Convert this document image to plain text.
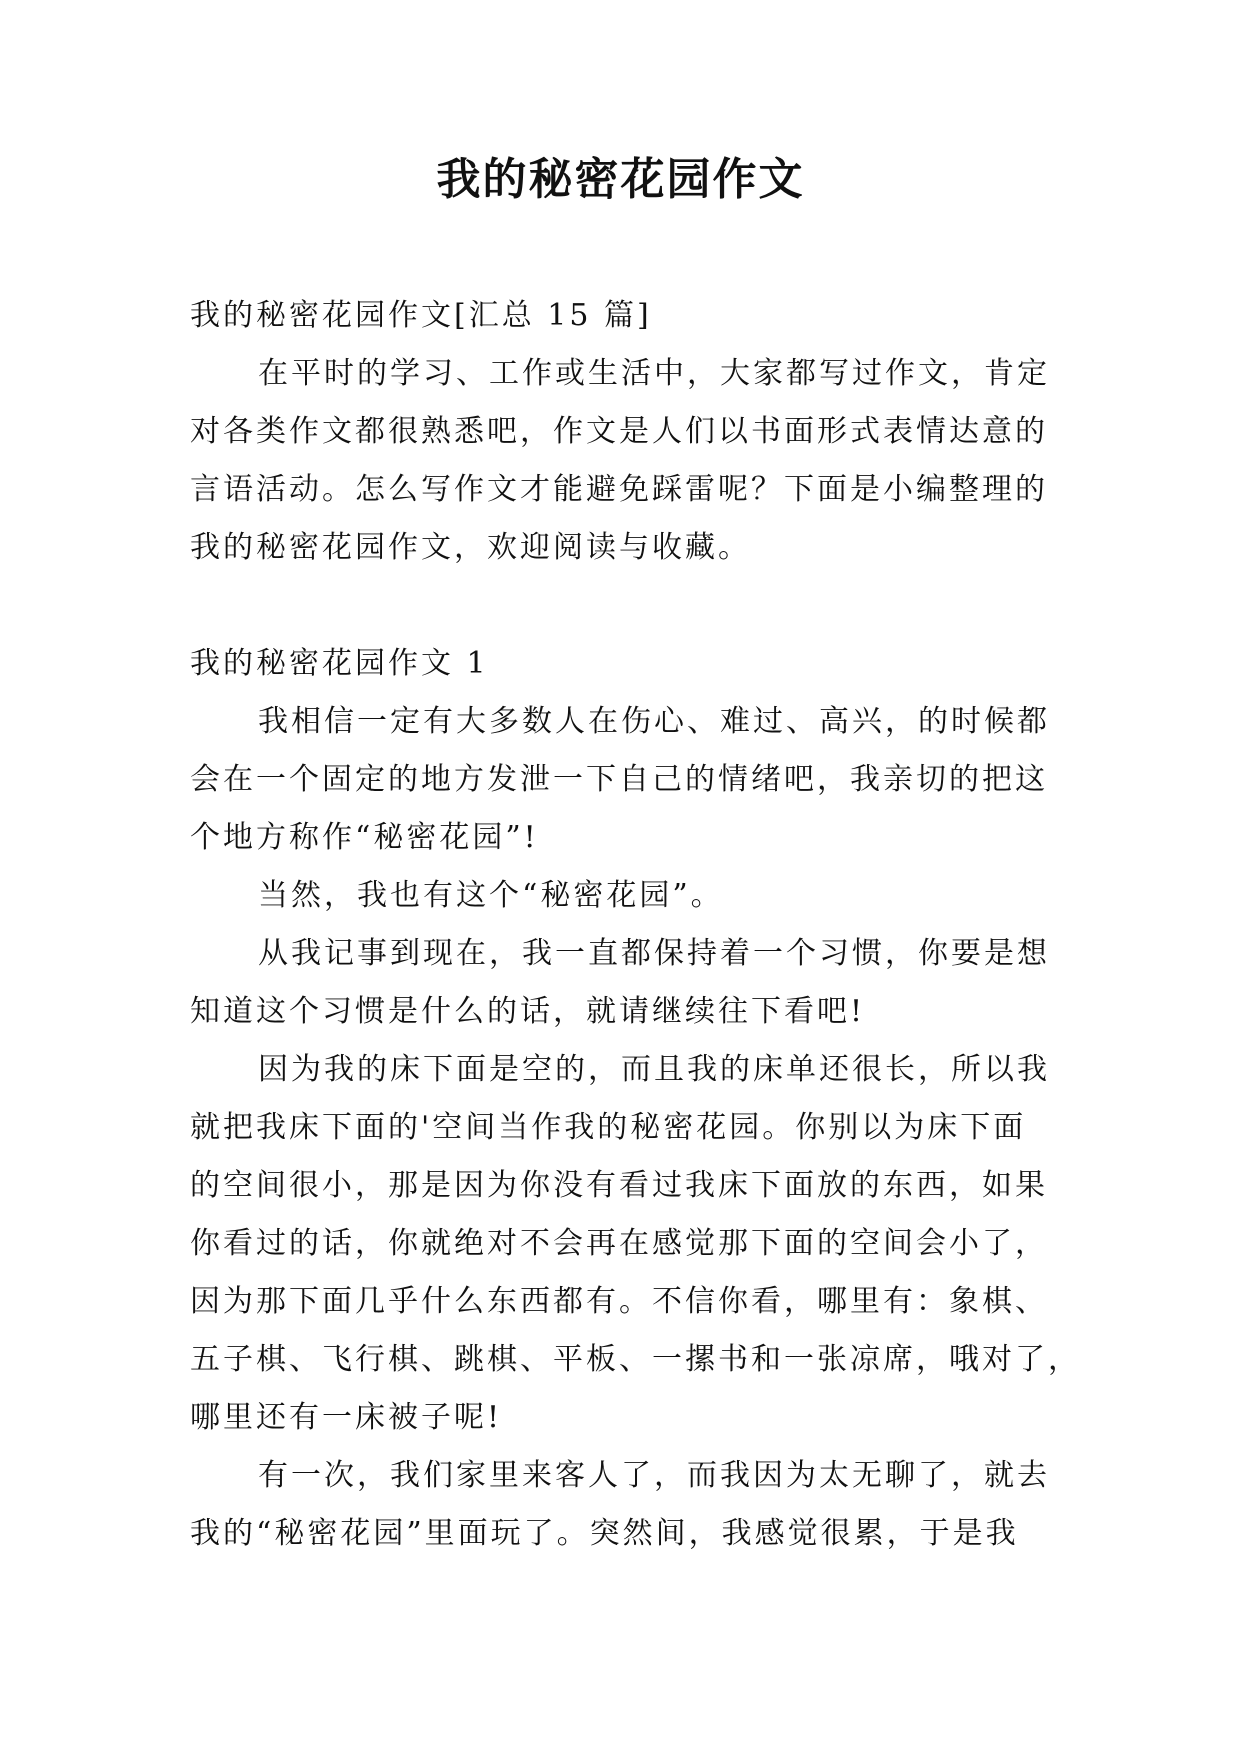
我的秘密花园作文
我的秘密花园作文[汇总 15 篇]
在平时的学习、工作或生活中，大家都写过作文，肯定
对各类作文都很熟悉吧，作文是人们以书面形式表情达意的
言语活动。怎么写作文才能避免踩雷呢？下面是小编整理的
我的秘密花园作文，欢迎阅读与收藏。
我的秘密花园作文 1
我相信一定有大多数人在伤心、难过、高兴，的时候都
会在一个固定的地方发泄一下自己的情绪吧，我亲切的把这
个地方称作“秘密花园”!
当然，我也有这个“秘密花园”。
从我记事到现在，我一直都保持着一个习惯，你要是想
知道这个习惯是什么的话，就请继续往下看吧!
因为我的床下面是空的，而且我的床单还很长，所以我
就把我床下面的'空间当作我的秘密花园。你别以为床下面
的空间很小，那是因为你没有看过我床下面放的东西，如果
你看过的话，你就绝对不会再在感觉那下面的空间会小了，
因为那下面几乎什么东西都有。不信你看，哪里有：象棋、
五子棋、飞行棋、跳棋、平板、一摞书和一张凉席，哦对了，
哪里还有一床被子呢!
有一次，我们家里来客人了，而我因为太无聊了，就去
我的“秘密花园”里面玩了。突然间，我感觉很累，于是我
